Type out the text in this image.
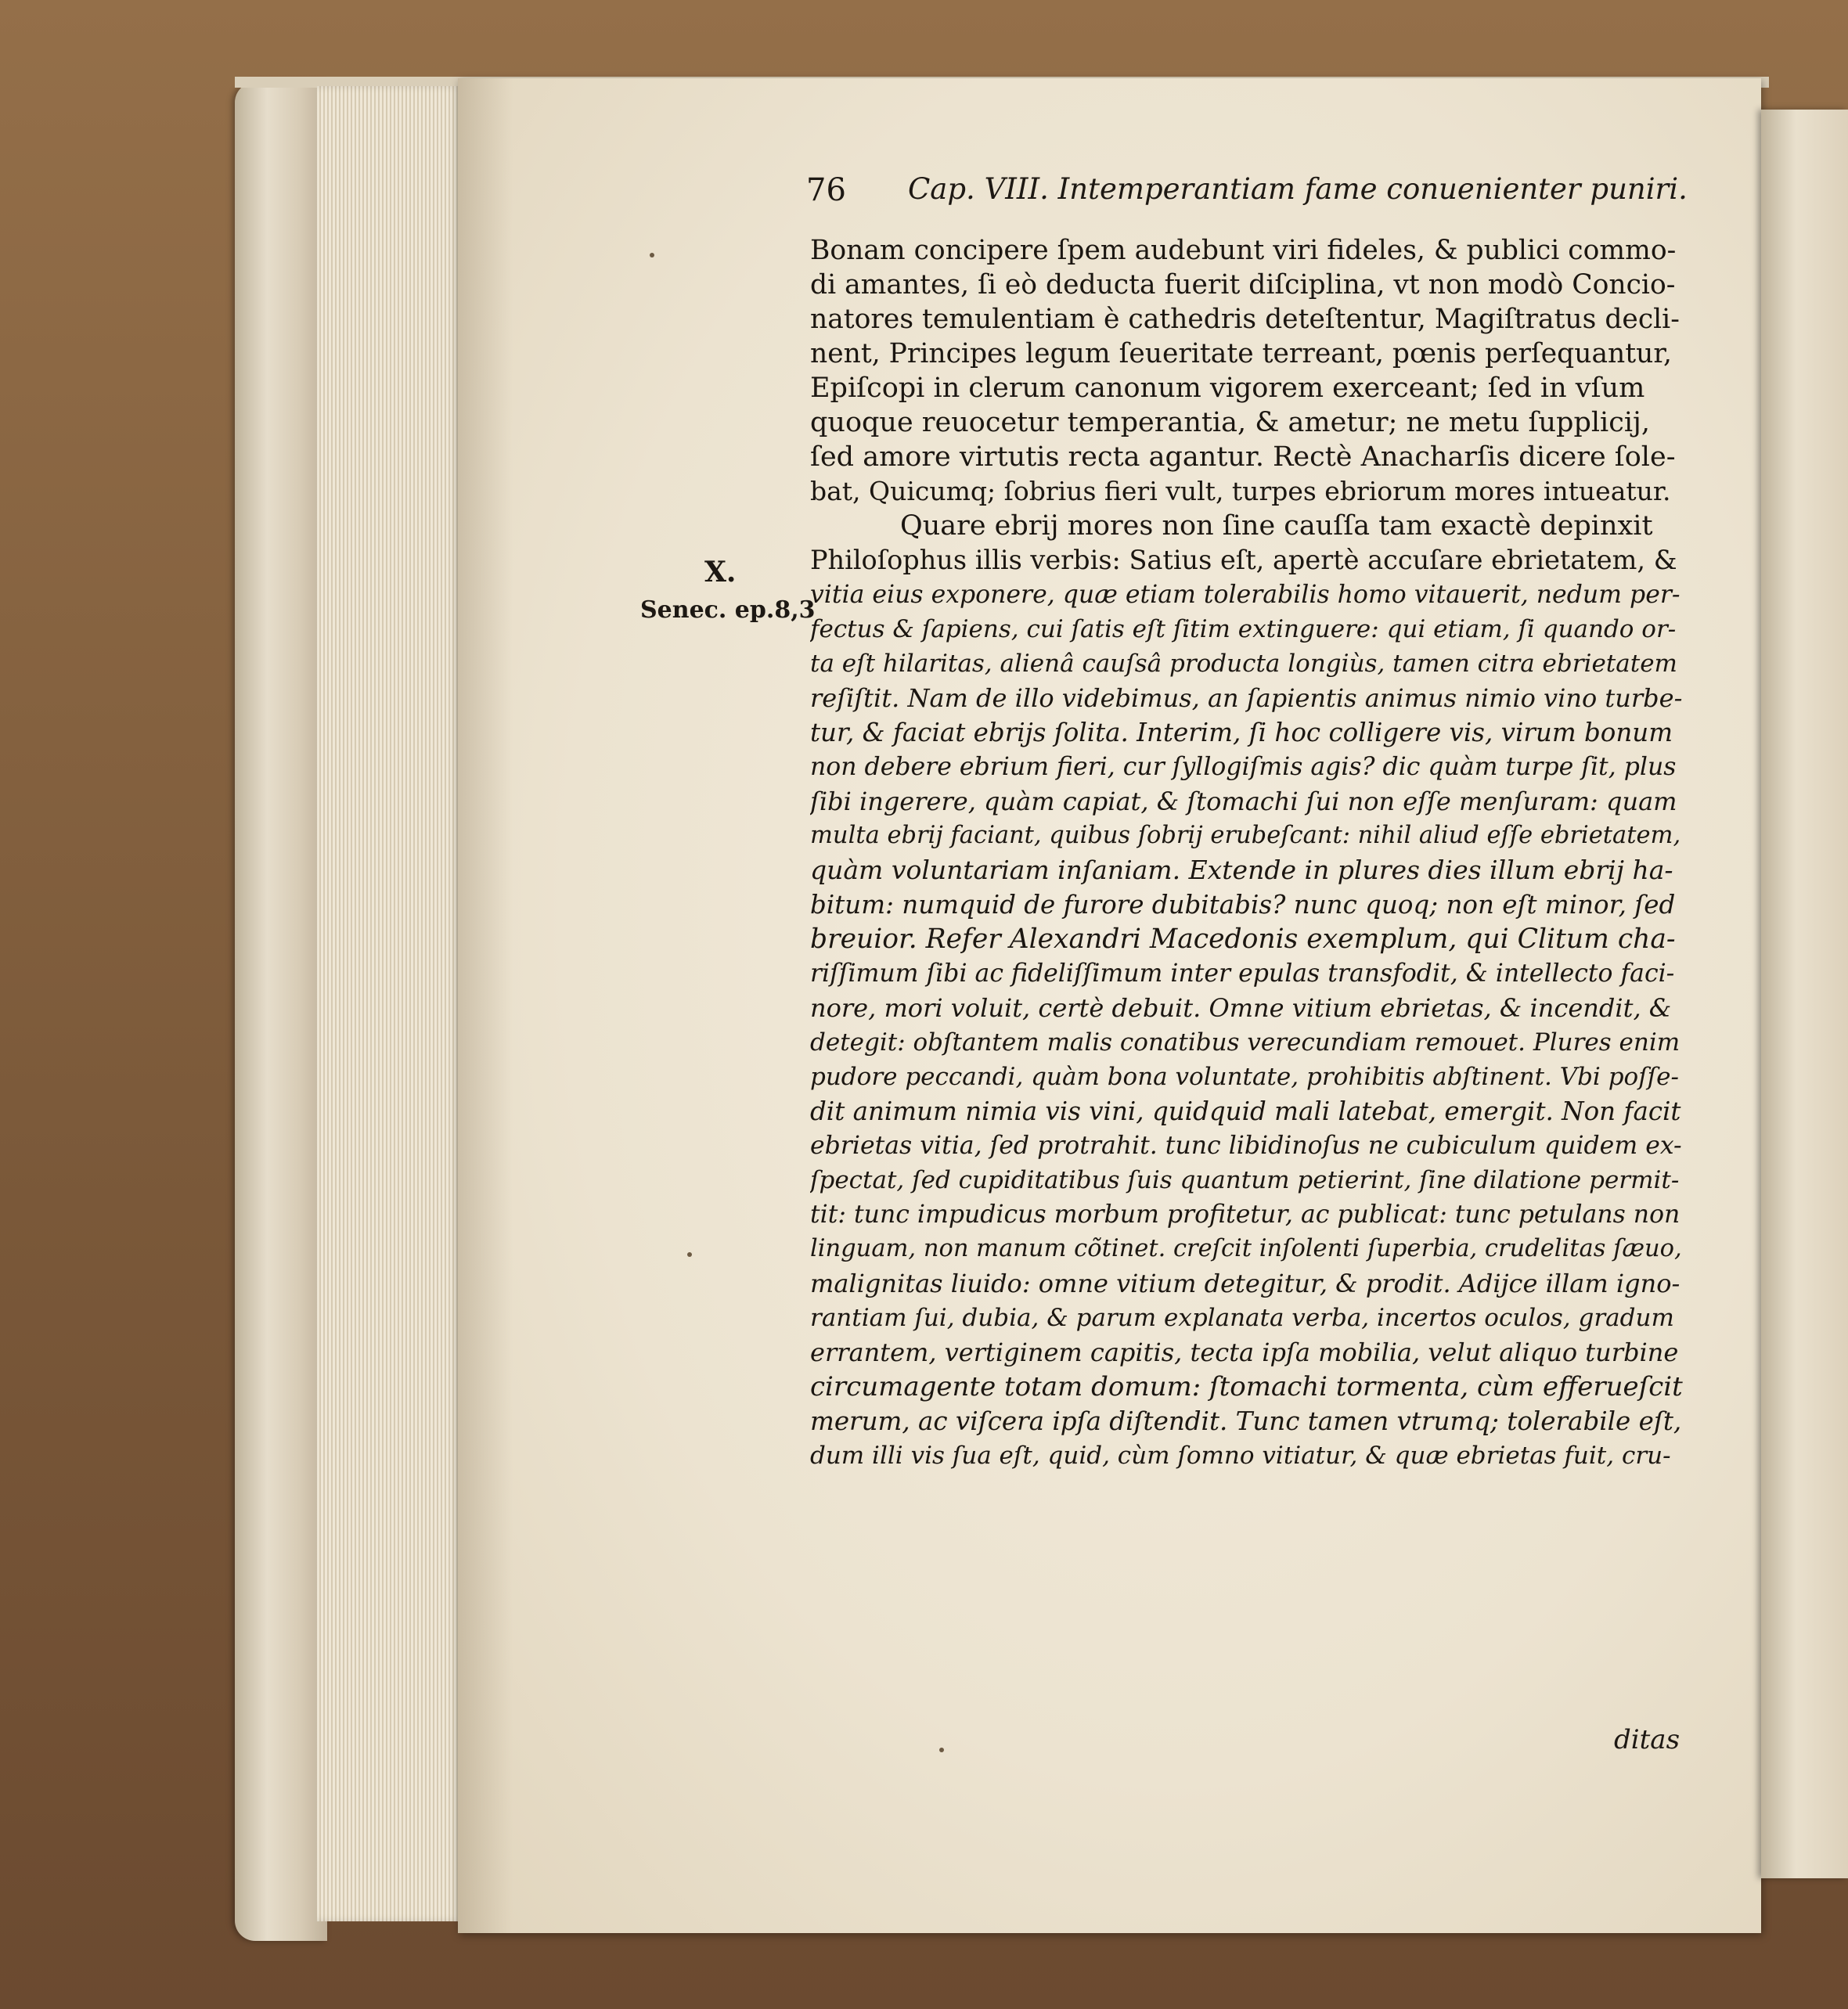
76 Cap. VIII. Intemperantiam fame conuenienter puniri.
X.
Senec. ep.8,3
Bonam concipere ſpem audebunt viri fideles, & publici commo-
di amantes, ſi eò deducta fuerit diſciplina, vt non modò Concio-
natores temulentiam è cathedris deteſtentur, Magiſtratus decli-
nent, Principes legum ſeueritate terreant, pœnis perſequantur,
Epiſcopi in clerum canonum vigorem exerceant; ſed in vſum
quoque reuocetur temperantia, & ametur; ne metu ſupplicij,
ſed amore virtutis recta agantur. Rectè Anacharſis dicere ſole-
bat, Quicumq; ſobrius fieri vult, turpes ebriorum mores intueatur.
Quare ebrij mores non ſine cauſſa tam exactè depinxit
Philoſophus illis verbis: Satius eſt, apertè accuſare ebrietatem, &
vitia eius exponere, quæ etiam tolerabilis homo vitauerit, nedum per-
fectus & ſapiens, cui ſatis eſt ſitim extinguere: qui etiam, ſi quando or-
ta eſt hilaritas, alienâ cauſsâ producta longiùs, tamen citra ebrietatem
reſiſtit. Nam de illo videbimus, an ſapientis animus nimio vino turbe-
tur, & faciat ebrijs ſolita. Interim, ſi hoc colligere vis, virum bonum
non debere ebrium fieri, cur ſyllogiſmis agis? dic quàm turpe ſit, plus
ſibi ingerere, quàm capiat, & ſtomachi ſui non eſſe menſuram: quam
multa ebrij faciant, quibus ſobrij erubeſcant: nihil aliud eſſe ebrietatem,
quàm voluntariam inſaniam. Extende in plures dies illum ebrij ha-
bitum: numquid de furore dubitabis? nunc quoq; non eſt minor, ſed
breuior. Refer Alexandri Macedonis exemplum, qui Clitum cha-
riſſimum ſibi ac fideliſſimum inter epulas transfodit, & intellecto faci-
nore, mori voluit, certè debuit. Omne vitium ebrietas, & incendit, &
detegit: obſtantem malis conatibus verecundiam remouet. Plures enim
pudore peccandi, quàm bona voluntate, prohibitis abſtinent. Vbi poſſe-
dit animum nimia vis vini, quidquid mali latebat, emergit. Non facit
ebrietas vitia, ſed protrahit. tunc libidinoſus ne cubiculum quidem ex-
ſpectat, ſed cupiditatibus ſuis quantum petierint, ſine dilatione permit-
tit: tunc impudicus morbum profitetur, ac publicat: tunc petulans non
linguam, non manum cõtinet. creſcit inſolenti ſuperbia, crudelitas ſæuo,
malignitas liuido: omne vitium detegitur, & prodit. Adijce illam igno-
rantiam ſui, dubia, & parum explanata verba, incertos oculos, gradum
errantem, vertiginem capitis, tecta ipſa mobilia, velut aliquo turbine
circumagente totam domum: ſtomachi tormenta, cùm efferueſcit
merum, ac viſcera ipſa diſtendit. Tunc tamen vtrumq; tolerabile eſt,
dum illi vis ſua eſt, quid, cùm ſomno vitiatur, & quæ ebrietas fuit, cru-
ditas
